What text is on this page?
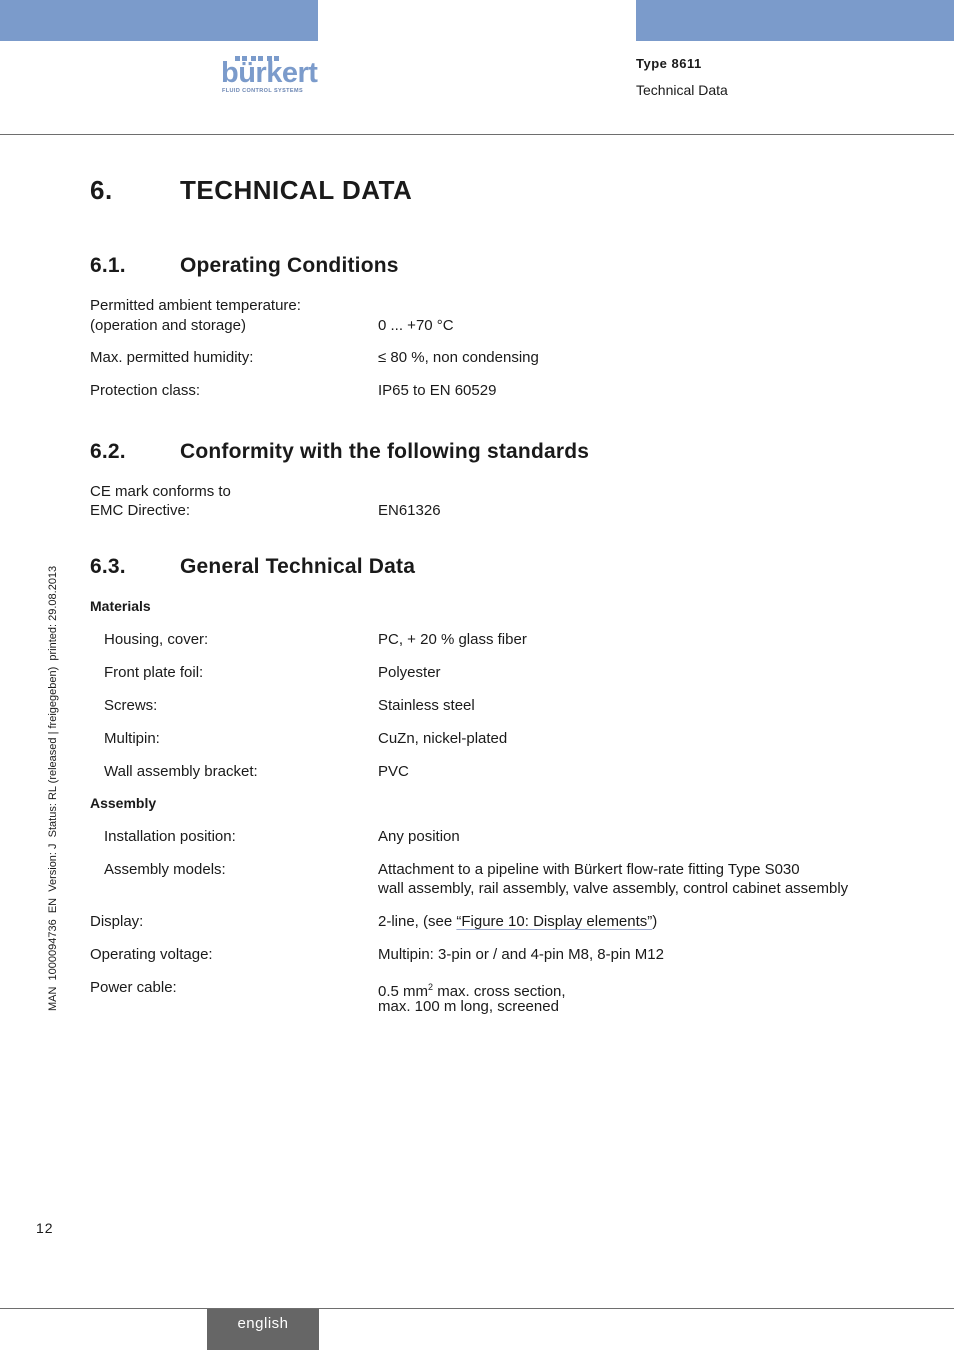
bürkert
FLUID CONTROL SYSTEMS
Type 8611
Technical Data
MAN  1000094736  EN  Version: J  Status: RL (released | freigegeben)  printed: 29.08.2013
6.	TECHNICAL DATA
6.1.	Operating Conditions
Permitted ambient temperature:
(operation and storage)	0 ... +70 °C
Max. permitted humidity:	≤ 80 %, non condensing
Protection class:	IP65 to EN 60529
6.2.	Conformity with the following standards
CE mark conforms to
EMC Directive:	EN61326
6.3.	General Technical Data
Materials
Housing, cover:	PC, + 20 % glass fiber
Front plate foil:	Polyester
Screws:	Stainless steel
Multipin:	CuZn, nickel-plated
Wall assembly bracket:	PVC
Assembly
Installation position:	Any position
Assembly models:	Attachment to a pipeline with Bürkert flow-rate fitting Type S030
wall assembly, rail assembly, valve assembly, control cabinet assembly
Display:	2-line, (see “Figure 10: Display elements”)
Operating voltage:	Multipin: 3-pin or / and 4-pin M8, 8-pin M12
Power cable:	0.5 $mm^2$ max. cross section,
max. 100 m long, screened
12
english
